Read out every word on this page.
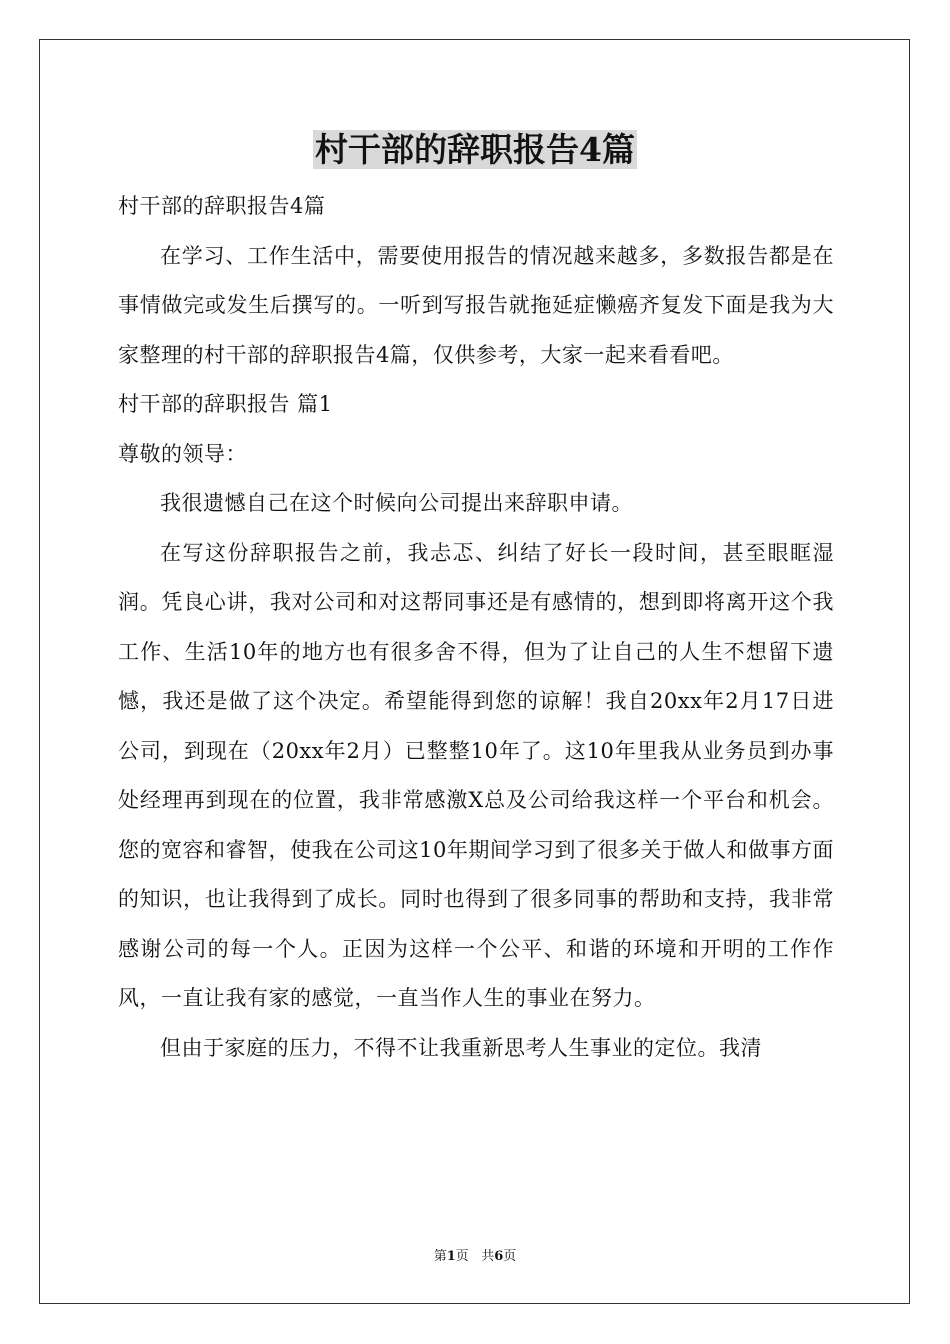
村干部的辞职报告4篇

村干部的辞职报告4篇

在学习、工作生活中，需要使用报告的情况越来越多，多数报告都是在事情做完或发生后撰写的。一听到写报告就拖延症懒癌齐复发下面是我为大家整理的村干部的辞职报告4篇，仅供参考，大家一起来看看吧。

村干部的辞职报告 篇1

尊敬的领导：

我很遗憾自己在这个时候向公司提出来辞职申请。

在写这份辞职报告之前，我忐忑、纠结了好长一段时间，甚至眼眶湿润。凭良心讲，我对公司和对这帮同事还是有感情的，想到即将离开这个我工作、生活10年的地方也有很多舍不得，但为了让自己的人生不想留下遗憾，我还是做了这个决定。希望能得到您的谅解！我自20xx年2月17日进公司，到现在（20xx年2月）已整整10年了。这10年里我从业务员到办事处经理再到现在的位置，我非常感激X总及公司给我这样一个平台和机会。您的宽容和睿智，使我在公司这10年期间学习到了很多关于做人和做事方面的知识，也让我得到了成长。同时也得到了很多同事的帮助和支持，我非常感谢公司的每一个人。正因为这样一个公平、和谐的环境和开明的工作作风，一直让我有家的感觉，一直当作人生的事业在努力。

但由于家庭的压力，不得不让我重新思考人生事业的定位。我清

第1页 共6页
